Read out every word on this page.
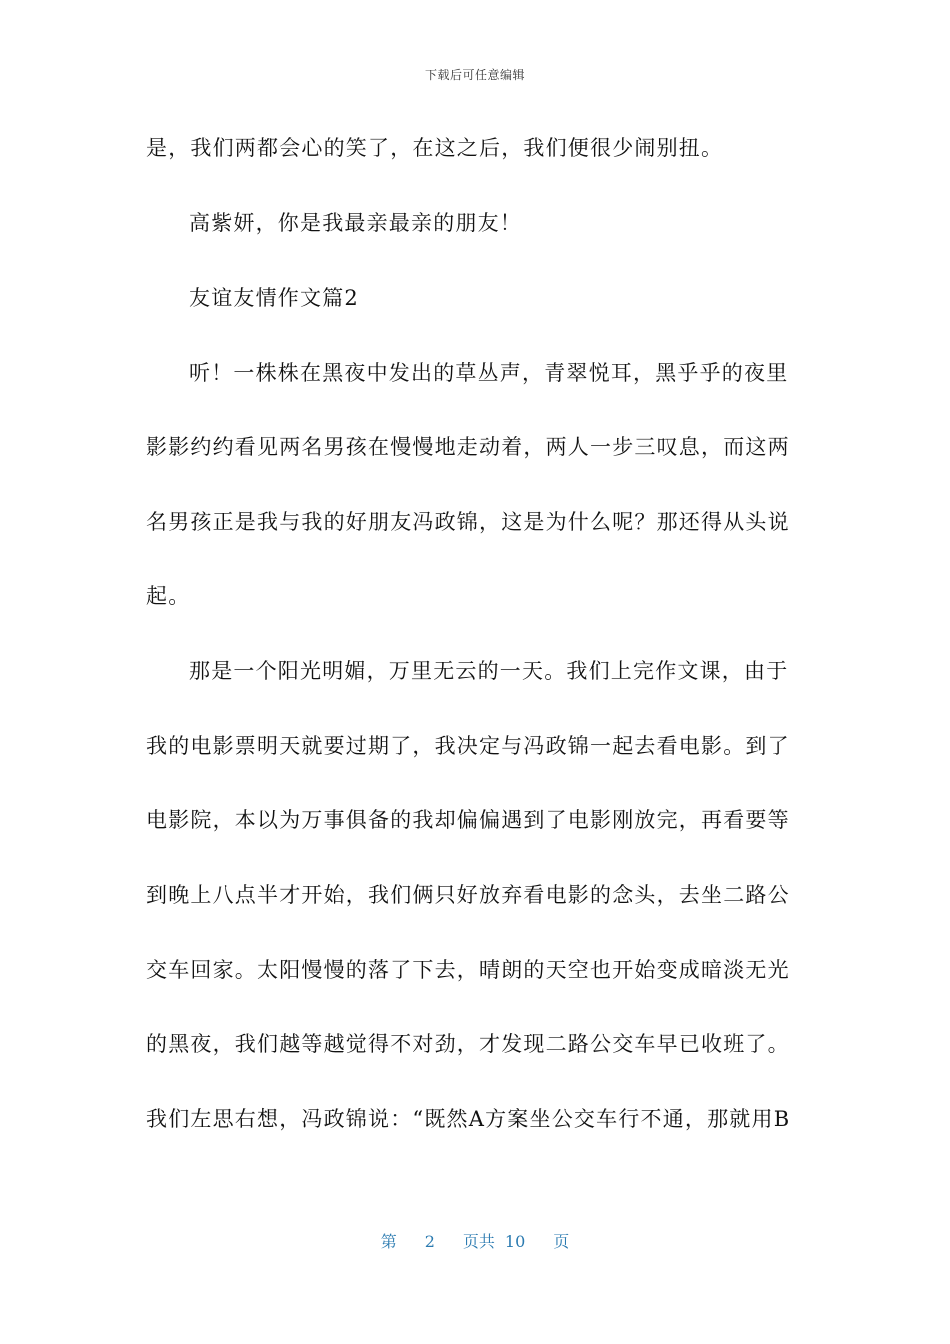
下载后可任意编辑
是，我们两都会心的笑了，在这之后，我们便很少闹别扭。
高紫妍，你是我最亲最亲的朋友！
友谊友情作文篇2
听！一株株在黑夜中发出的草丛声，青翠悦耳，黑乎乎的夜里
影影约约看见两名男孩在慢慢地走动着，两人一步三叹息，而这两
名男孩正是我与我的好朋友冯政锦，这是为什么呢？那还得从头说
起。
那是一个阳光明媚，万里无云的一天。我们上完作文课，由于
我的电影票明天就要过期了，我决定与冯政锦一起去看电影。到了
电影院，本以为万事俱备的我却偏偏遇到了电影刚放完，再看要等
到晚上八点半才开始，我们俩只好放弃看电影的念头，去坐二路公
交车回家。太阳慢慢的落了下去，晴朗的天空也开始变成暗淡无光
的黑夜，我们越等越觉得不对劲，才发现二路公交车早已收班了。
我们左思右想，冯政锦说：“既然A方案坐公交车行不通，那就用B
第 2 页共 10 页
